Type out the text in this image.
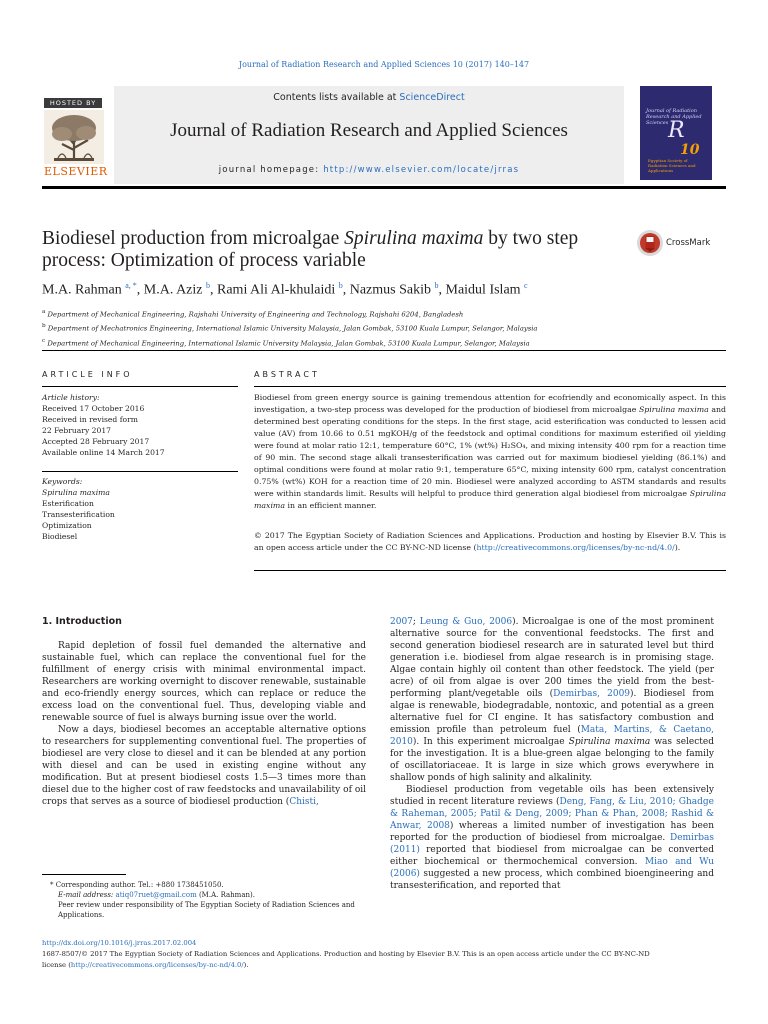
Journal of Radiation Research and Applied Sciences 10 (2017) 140–147
HOSTED BY
ELSEVIER
Contents lists available at ScienceDirect
Journal of Radiation Research and Applied Sciences
journal homepage: http://www.elsevier.com/locate/jrras
Journal of Radiation Research and Applied Sciences R
10
Egyptian Society of Radiation Sciences and Applications
Biodiesel production from microalgae Spirulina maxima by two step process: Optimization of process variable
CrossMark
M.A. Rahman $^{a, *}$, M.A. Aziz $^b$, Rami Ali Al-khulaidi $^b$, Nazmus Sakib $^b$, Maidul Islam $^c$
$^a$ Department of Mechanical Engineering, Rajshahi University of Engineering and Technology, Rajshahi 6204, Bangladesh
$^b$ Department of Mechatronics Engineering, International Islamic University Malaysia, Jalan Gombak, 53100 Kuala Lumpur, Selangor, Malaysia
$^c$ Department of Mechanical Engineering, International Islamic University Malaysia, Jalan Gombak, 53100 Kuala Lumpur, Selangor, Malaysia
ARTICLE INFO
Article history:
Received 17 October 2016
Received in revised form
22 February 2017
Accepted 28 February 2017
Available online 14 March 2017
Keywords:
Spirulina maxima
Esterification
Transesterification
Optimization
Biodiesel
ABSTRACT
Biodiesel from green energy source is gaining tremendous attention for ecofriendly and economically aspect. In this investigation, a two-step process was developed for the production of biodiesel from microalgae Spirulina maxima and determined best operating conditions for the steps. In the first stage, acid esterification was conducted to lessen acid value (AV) from 10.66 to 0.51 mgKOH/g of the feedstock and optimal conditions for maximum esterified oil yielding were found at molar ratio 12:1, temperature 60°C, 1% (wt%) H₂SO₄, and mixing intensity 400 rpm for a reaction time of 90 min. The second stage alkali transesterification was carried out for maximum biodiesel yielding (86.1%) and optimal conditions were found at molar ratio 9:1, temperature 65°C, mixing intensity 600 rpm, catalyst concentration 0.75% (wt%) KOH for a reaction time of 20 min. Biodiesel were analyzed according to ASTM standards and results were within standards limit. Results will helpful to produce third generation algal biodiesel from microalgae Spirulina maxima in an efficient manner.
© 2017 The Egyptian Society of Radiation Sciences and Applications. Production and hosting by Elsevier B.V. This is an open access article under the CC BY-NC-ND license (http://creativecommons.org/licenses/by-nc-nd/4.0/).
1. Introduction

Rapid depletion of fossil fuel demanded the alternative and sustainable fuel, which can replace the conventional fuel for the fulfillment of energy crisis with minimal environmental impact. Researchers are working overnight to discover renewable, sustainable and eco-friendly energy sources, which can replace or reduce the excess load on the conventional fuel. Thus, developing viable and renewable source of fuel is always burning issue over the world.

Now a days, biodiesel becomes an acceptable alternative options to researchers for supplementing conventional fuel. The properties of biodiesel are very close to diesel and it can be blended at any portion with diesel and can be used in existing engine without any modification. But at present biodiesel costs 1.5—3 times more than diesel due to the higher cost of raw feedstocks and unavailability of oil crops that serves as a source of biodiesel production (Chisti,

2007; Leung & Guo, 2006). Microalgae is one of the most prominent alternative source for the conventional feedstocks. The first and second generation biodiesel research are in saturated level but third generation i.e. biodiesel from algae research is in promising stage. Algae contain highly oil content than other feedstock. The yield (per acre) of oil from algae is over 200 times the yield from the best-performing plant/vegetable oils (Demirbas, 2009). Biodiesel from algae is renewable, biodegradable, nontoxic, and potential as a green alternative fuel for CI engine. It has satisfactory combustion and emission profile than petroleum fuel (Mata, Martins, & Caetano, 2010). In this experiment microalgae Spirulina maxima was selected for the investigation. It is a blue-green algae belonging to the family of oscillatoriaceae. It is large in size which grows everywhere in shallow ponds of high salinity and alkalinity.

Biodiesel production from vegetable oils has been extensively studied in recent literature reviews (Deng, Fang, & Liu, 2010; Ghadge & Raheman, 2005; Patil & Deng, 2009; Phan & Phan, 2008; Rashid & Anwar, 2008) whereas a limited number of investigation has been reported for the production of biodiesel from microalgae. Demirbas (2011) reported that biodiesel from microalgae can be converted either biochemical or thermochemical conversion. Miao and Wu (2006) suggested a new process, which combined bioengineering and transesterification, and reported that

* Corresponding author. Tel.: +880 1738451050.
E-mail address: atiq07ruet@gmail.com (M.A. Rahman).
Peer review under responsibility of The Egyptian Society of Radiation Sciences and Applications.
http://dx.doi.org/10.1016/j.jrras.2017.02.004
1687-8507/© 2017 The Egyptian Society of Radiation Sciences and Applications. Production and hosting by Elsevier B.V. This is an open access article under the CC BY-NC-ND
license (http://creativecommons.org/licenses/by-nc-nd/4.0/).
